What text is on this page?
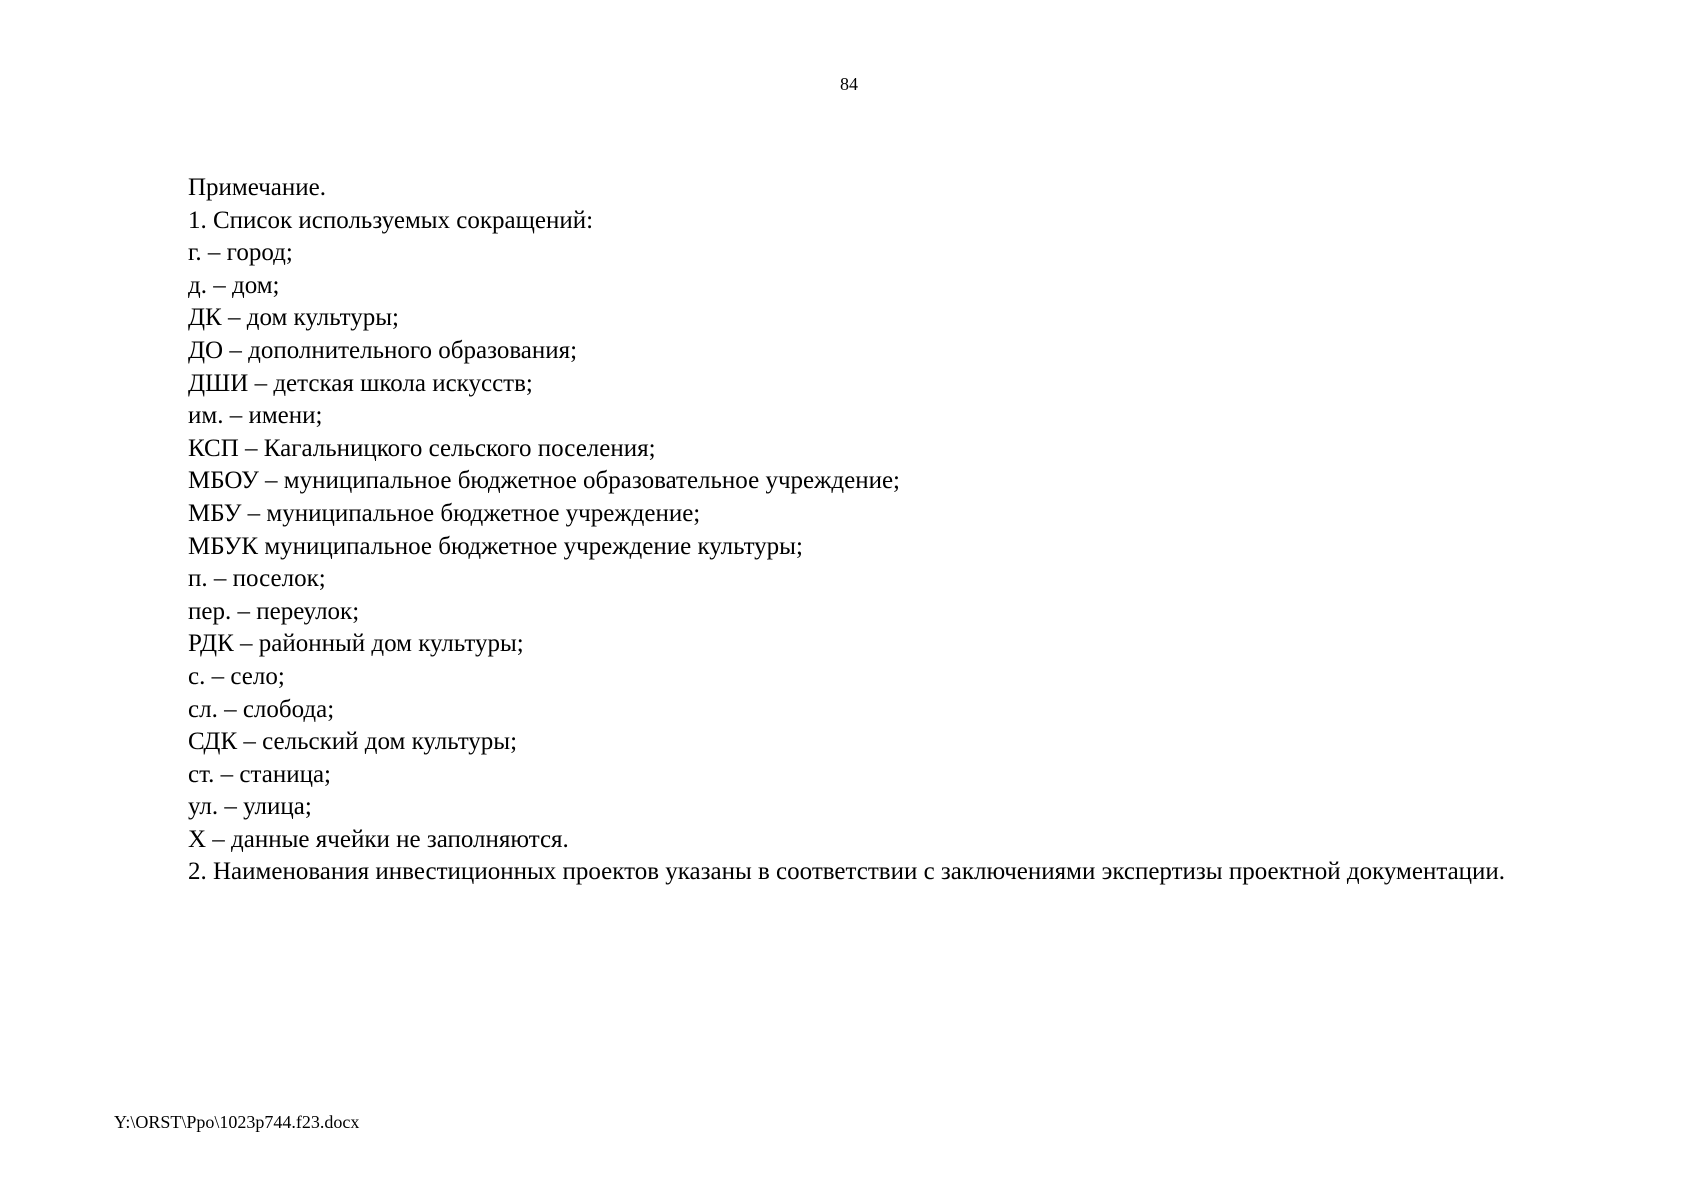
84
Примечание.
1. Список используемых сокращений:
г. – город;
д. – дом;
ДК – дом культуры;
ДО – дополнительного образования;
ДШИ – детская школа искусств;
им. – имени;
КСП – Кагальницкого сельского поселения;
МБОУ – муниципальное бюджетное образовательное учреждение;
МБУ – муниципальное бюджетное учреждение;
МБУК муниципальное бюджетное учреждение культуры;
п. – поселок;
пер. – переулок;
РДК – районный дом культуры;
с. – село;
сл. – слобода;
СДК – сельский дом культуры;
ст. – станица;
ул. – улица;
Х – данные ячейки не заполняются.
2. Наименования инвестиционных проектов указаны в соответствии с заключениями экспертизы проектной документации.
Y:\ORST\Ppo\1023p744.f23.docx
